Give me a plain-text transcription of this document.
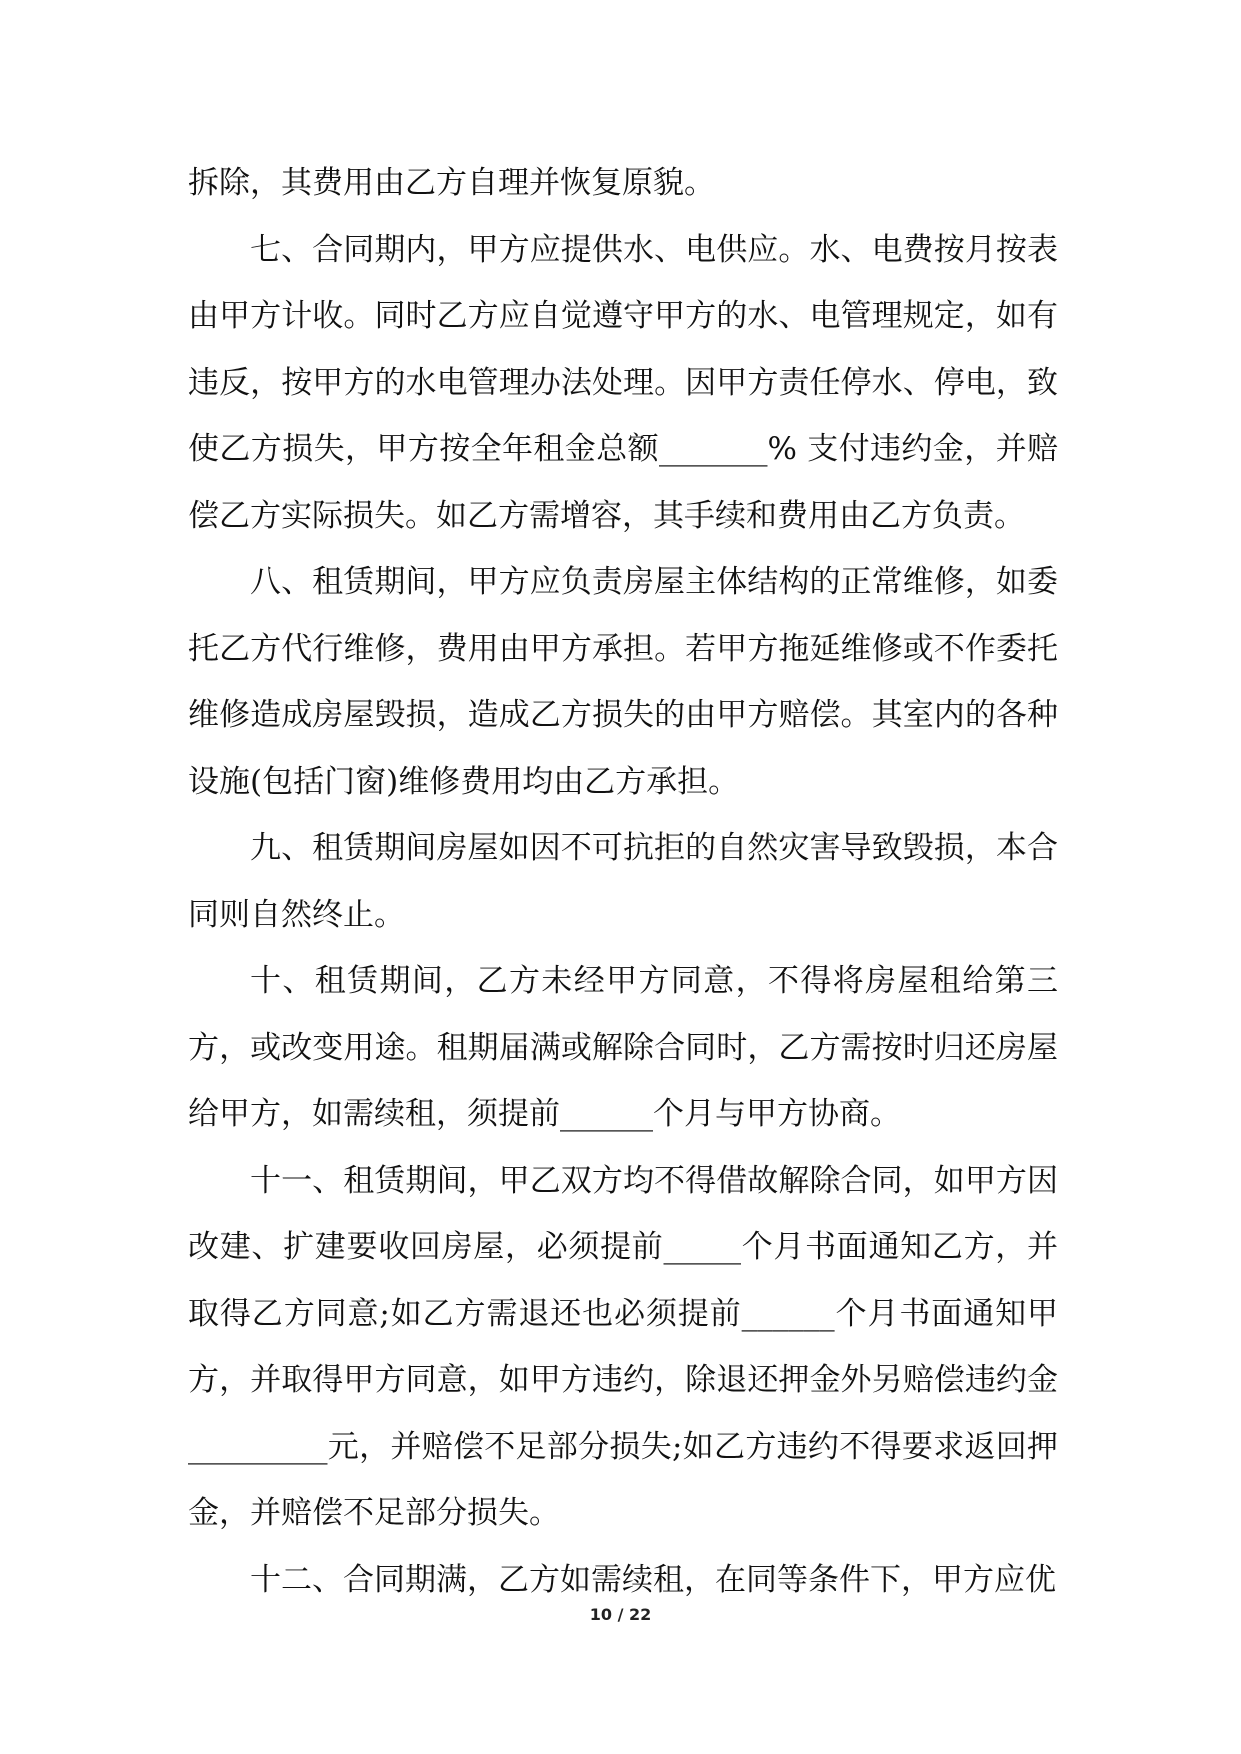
拆除，其费用由乙方自理并恢复原貌。

七、合同期内，甲方应提供水、电供应。水、电费按月按表由甲方计收。同时乙方应自觉遵守甲方的水、电管理规定，如有违反，按甲方的水电管理办法处理。因甲方责任停水、停电，致使乙方损失，甲方按全年租金总额_______% 支付违约金，并赔偿乙方实际损失。如乙方需增容，其手续和费用由乙方负责。

八、租赁期间，甲方应负责房屋主体结构的正常维修，如委托乙方代行维修，费用由甲方承担。若甲方拖延维修或不作委托维修造成房屋毁损，造成乙方损失的由甲方赔偿。其室内的各种设施(包括门窗)维修费用均由乙方承担。

九、租赁期间房屋如因不可抗拒的自然灾害导致毁损，本合同则自然终止。

十、租赁期间，乙方未经甲方同意，不得将房屋租给第三方，或改变用途。租期届满或解除合同时，乙方需按时归还房屋给甲方，如需续租，须提前______个月与甲方协商。

十一、租赁期间，甲乙双方均不得借故解除合同，如甲方因改建、扩建要收回房屋，必须提前_____个月书面通知乙方，并取得乙方同意;如乙方需退还也必须提前______个月书面通知甲方，并取得甲方同意，如甲方违约，除退还押金外另赔偿违约金_________元，并赔偿不足部分损失;如乙方违约不得要求返回押金，并赔偿不足部分损失。

十二、合同期满，乙方如需续租，在同等条件下，甲方应优

10 / 22
